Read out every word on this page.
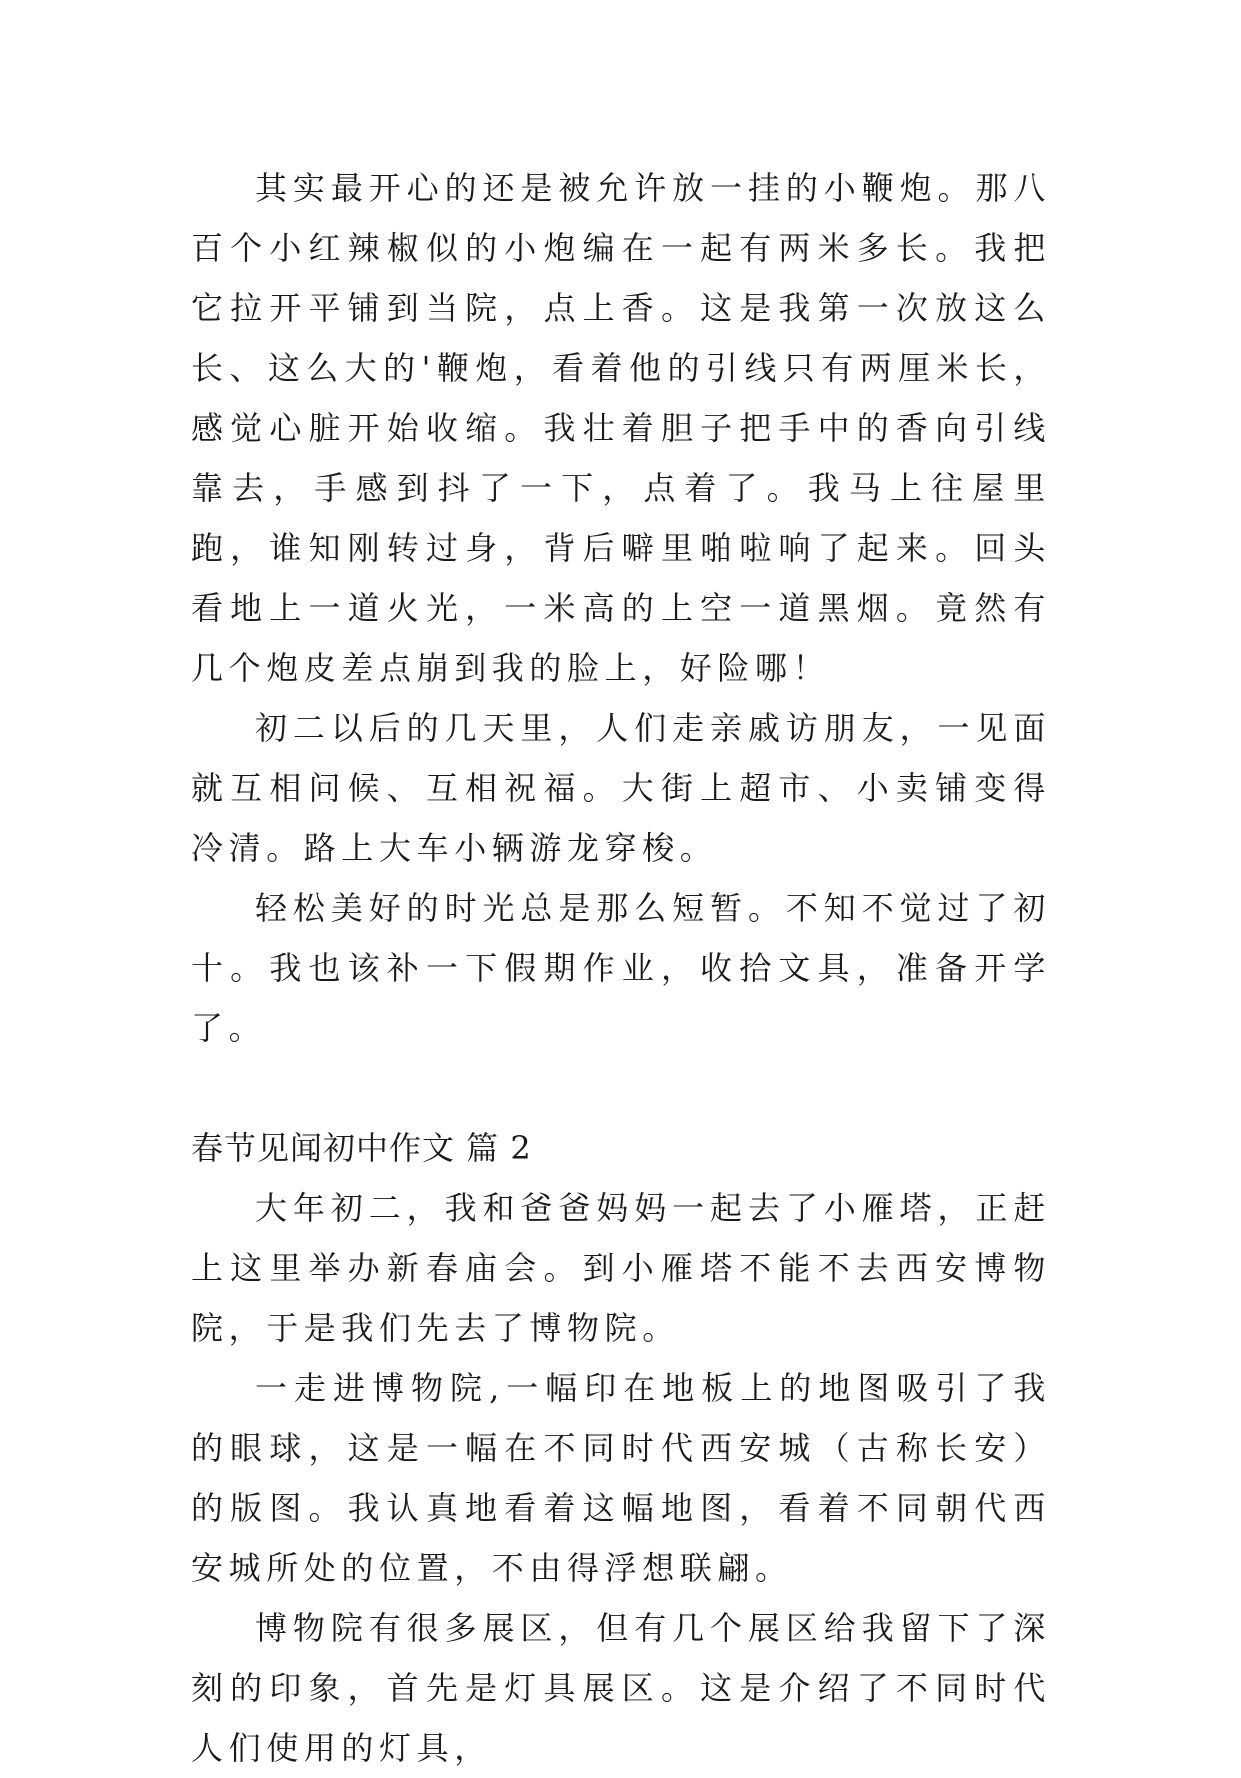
其实最开心的还是被允许放一挂的小鞭炮。那八百个小红辣椒似的小炮编在一起有两米多长。我把它拉开平铺到当院，点上香。这是我第一次放这么长、这么大的'鞭炮，看着他的引线只有两厘米长，感觉心脏开始收缩。我壮着胆子把手中的香向引线靠去，手感到抖了一下，点着了。我马上往屋里跑，谁知刚转过身，背后噼里啪啦响了起来。回头看地上一道火光，一米高的上空一道黑烟。竟然有几个炮皮差点崩到我的脸上，好险哪！

初二以后的几天里，人们走亲戚访朋友，一见面就互相问候、互相祝福。大街上超市、小卖铺变得冷清。路上大车小辆游龙穿梭。

轻松美好的时光总是那么短暂。不知不觉过了初十。我也该补一下假期作业，收拾文具，准备开学了。

春节见闻初中作文 篇 2

大年初二，我和爸爸妈妈一起去了小雁塔，正赶上这里举办新春庙会。到小雁塔不能不去西安博物院，于是我们先去了博物院。

一走进博物院,一幅印在地板上的地图吸引了我的眼球，这是一幅在不同时代西安城（古称长安）的版图。我认真地看着这幅地图，看着不同朝代西安城所处的位置，不由得浮想联翩。

博物院有很多展区，但有几个展区给我留下了深刻的印象，首先是灯具展区。这是介绍了不同时代人们使用的灯具，
